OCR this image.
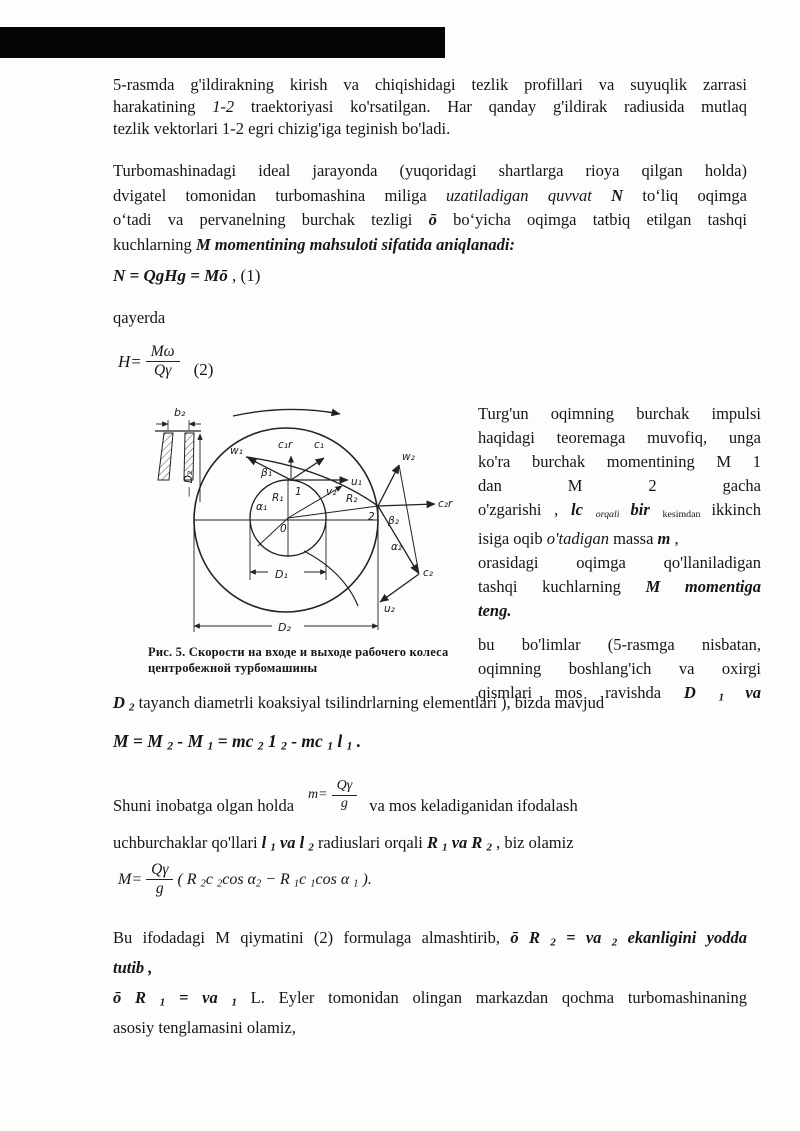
5-rasmda g'ildirakning kirish va chiqishidagi tezlik profillari va suyuqlik zarrasi
harakatining 1-2 traektoriyasi ko'rsatilgan. Har qanday g'ildirak radiusida mutlaq
tezlik vektorlari 1-2 egri chizig'iga teginish bo'ladi.
Turbomashinadagi ideal jarayonda (yuqoridagi shartlarga rioya qilgan holda)
dvigatel tomonidan turbomashina miliga uzatiladigan quvvat N to‘liq oqimga
o‘tadi va pervanelning burchak tezligi ō bo‘yicha oqimga tatbiq etilgan tashqi
kuchlarning M momentining mahsuloti sifatida aniqlanadi:
N = QgHg = Mō , (1)
qayerda
$H= \frac{M\omega}{Q\gamma} (2)$
b₂
— D₂
w₁	c₁r c₁
β₁
1
R₁
α₁
v₂
u₁
R₂
0
2
w₂
c₂r
β₂
α₂
c₂
u₂
D₁
D₂
Рис. 5. Скорости на входе и выходе рабочего колеса
центробежной турбомашины
Turg'un oqimning burchak impulsi
haqidagi teoremaga muvofiq, unga
ko'ra burchak momentining M 1
dan M 2 gacha
o'zgarishi , lc orqali bir kesimdan ikkinch
isiga oqib o'tadigan massa m ,
orasidagi oqimga qo'llaniladigan
tashqi kuchlarning M momentiga
teng.
bu bo'limlar (5-rasmga nisbatan,
oqimning boshlang'ich va oxirgi
qismlari mos ravishda D $_1$ va
D $_2$ tayanch diametrli koaksiyal tsilindrlarning elementlari ), bizda mavjud
M = M $_2$ - M $_1$ = mc $_2$ 1 $_2$ - mc $_1$ l $_1$ .
Shuni inobatga olgan holda
$m= \frac{Q\gamma}{g}$ va mos keladiganidan ifodalash
uchburchaklar qo'llari l $_1$ va l $_2$ radiuslari orqali R $_1$ va R $_2$ , biz olamiz
$M= \frac{Q\gamma}{g}$ ( R $_2$c $_2$cos $\alpha_2 - R$ $_1$c $_1$cos α $_1$ ).
Bu ifodadagi M qiymatini (2) formulaga almashtirib, ō R $_2$ = va $_2$ ekanligini yodda
tutib ,
ō R $_1$ = va $_1$ L. Eyler tomonidan olingan markazdan qochma turbomashinaning
asosiy tenglamasini olamiz,
